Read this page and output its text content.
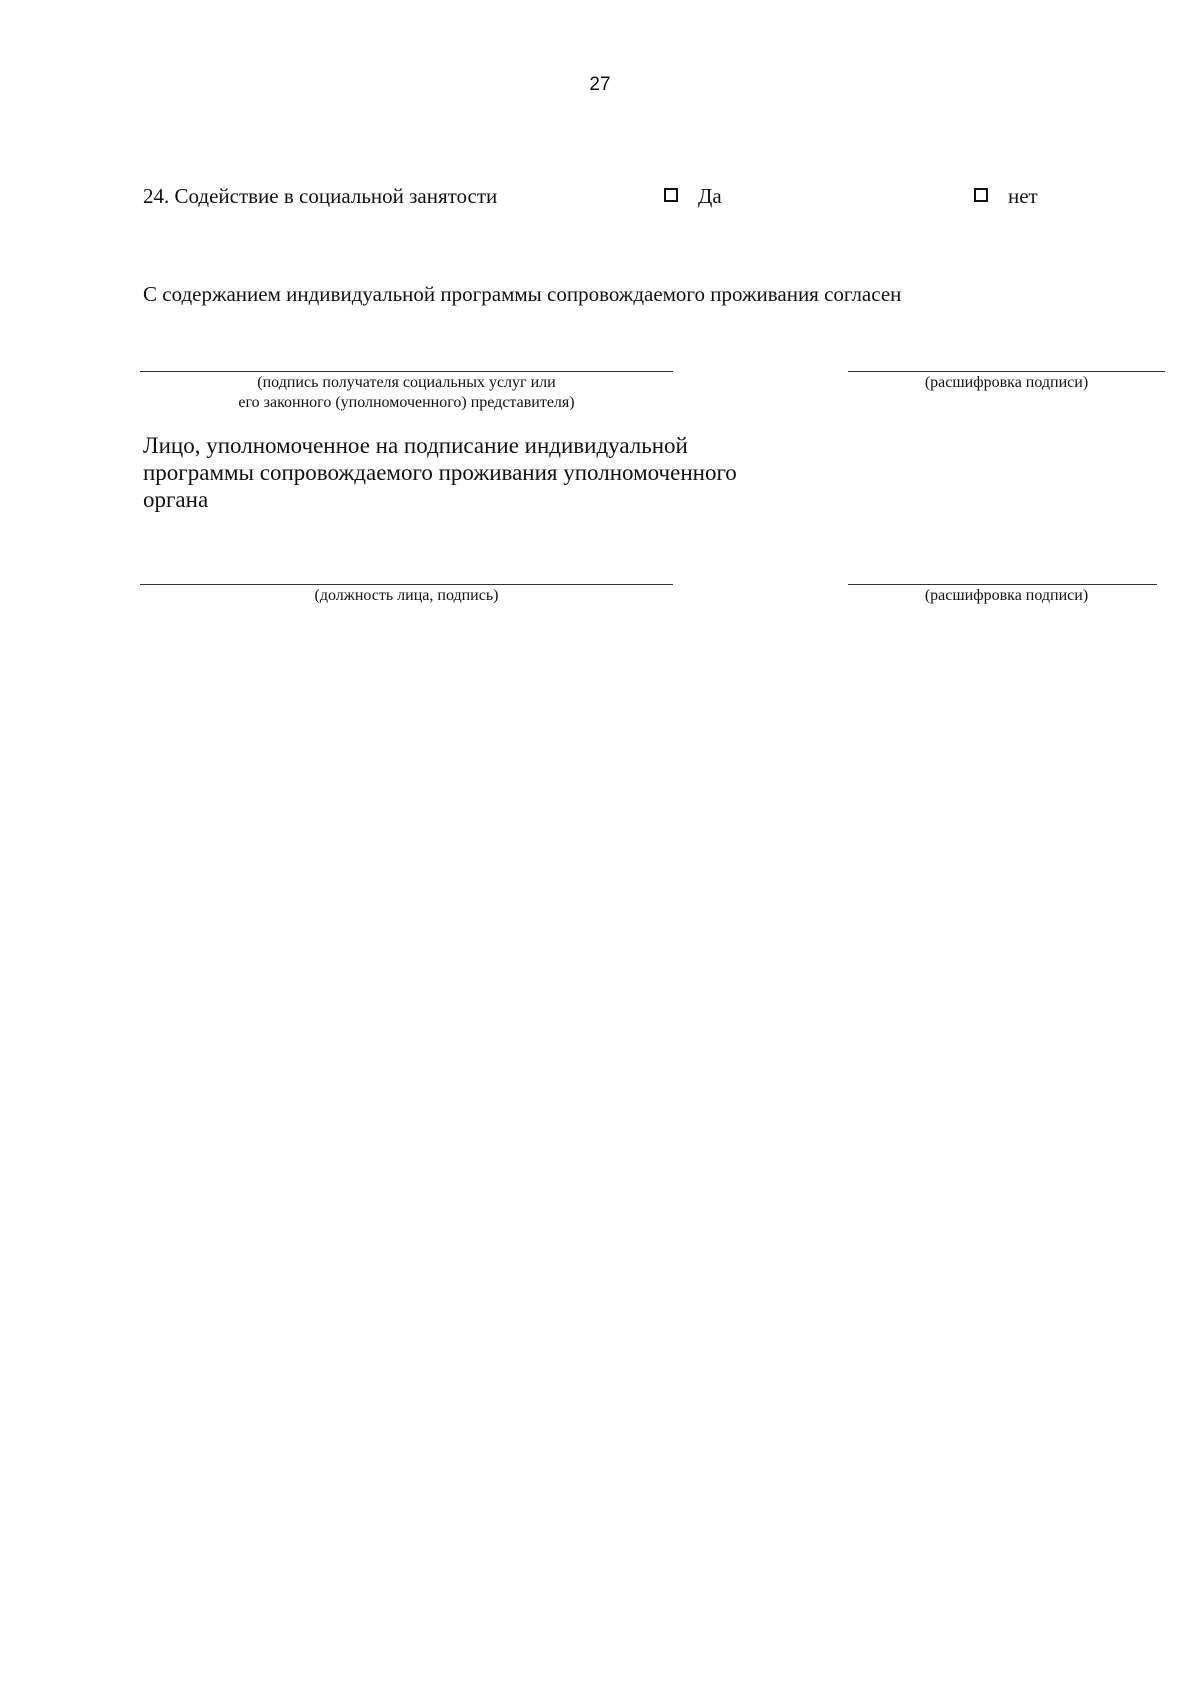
27
24. Содействие в социальной занятости	Да	нет
С содержанием индивидуальной программы сопровождаемого проживания согласен
(подпись получателя социальных услуг или
его законного (уполномоченного) представителя)
(расшифровка подписи)
Лицо, уполномоченное на подписание индивидуальной
программы сопровождаемого проживания уполномоченного
органа
(должность лица, подпись)	(расшифровка подписи)
